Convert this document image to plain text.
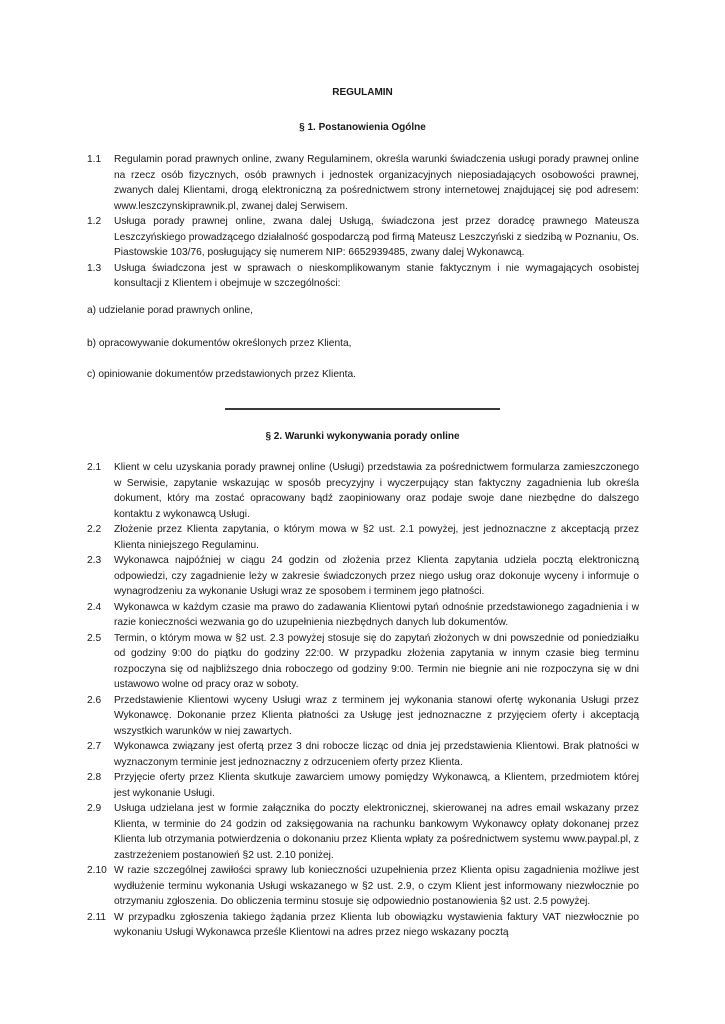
REGULAMIN
§ 1. Postanowienia Ogólne
1.1 Regulamin porad prawnych online, zwany Regulaminem, określa warunki świadczenia usługi porady prawnej online na rzecz osób fizycznych, osób prawnych i jednostek organizacyjnych nieposiadających osobowości prawnej, zwanych dalej Klientami, drogą elektroniczną za pośrednictwem strony internetowej znajdującej się pod adresem: www.leszczynskiprawnik.pl, zwanej dalej Serwisem.
1.2 Usługa porady prawnej online, zwana dalej Usługą, świadczona jest przez doradcę prawnego Mateusza Leszczyńskiego prowadzącego działalność gospodarczą pod firmą Mateusz Leszczyński z siedzibą w Poznaniu, Os. Piastowskie 103/76, posługujący się numerem NIP: 6652939485, zwany dalej Wykonawcą.
1.3 Usługa świadczona jest w sprawach o nieskomplikowanym stanie faktycznym i nie wymagających osobistej konsultacji z Klientem i obejmuje w szczególności:
a) udzielanie porad prawnych online,
b) opracowywanie dokumentów określonych przez Klienta,
c) opiniowanie dokumentów przedstawionych przez Klienta.
§ 2. Warunki wykonywania porady online
2.1 Klient w celu uzyskania porady prawnej online (Usługi) przedstawia za pośrednictwem formularza zamieszczonego w Serwisie, zapytanie wskazując w sposób precyzyjny i wyczerpujący stan faktyczny zagadnienia lub określa dokument, który ma zostać opracowany bądź zaopiniowany oraz podaje swoje dane niezbędne do dalszego kontaktu z wykonawcą Usługi.
2.2 Złożenie przez Klienta zapytania, o którym mowa w §2 ust. 2.1 powyżej, jest jednoznaczne z akceptacją przez Klienta niniejszego Regulaminu.
2.3 Wykonawca najpóźniej w ciągu 24 godzin od złożenia przez Klienta zapytania udziela pocztą elektroniczną odpowiedzi, czy zagadnienie leży w zakresie świadczonych przez niego usług oraz dokonuje wyceny i informuje o wynagrodzeniu za wykonanie Usługi wraz ze sposobem i terminem jego płatności.
2.4 Wykonawca w każdym czasie ma prawo do zadawania Klientowi pytań odnośnie przedstawionego zagadnienia i w razie konieczności wezwania go do uzupełnienia niezbędnych danych lub dokumentów.
2.5 Termin, o którym mowa w §2 ust. 2.3 powyżej stosuje się do zapytań złożonych w dni powszednie od poniedziałku od godziny 9:00 do piątku do godziny 22:00. W przypadku złożenia zapytania w innym czasie bieg terminu rozpoczyna się od najbliższego dnia roboczego od godziny 9:00. Termin nie biegnie ani nie rozpoczyna się w dni ustawowo wolne od pracy oraz w soboty.
2.6 Przedstawienie Klientowi wyceny Usługi wraz z terminem jej wykonania stanowi ofertę wykonania Usługi przez Wykonawcę. Dokonanie przez Klienta płatności za Usługę jest jednoznaczne z przyjęciem oferty i akceptacją wszystkich warunków w niej zawartych.
2.7 Wykonawca związany jest ofertą przez 3 dni robocze licząc od dnia jej przedstawienia Klientowi. Brak płatności w wyznaczonym terminie jest jednoznaczny z odrzuceniem oferty przez Klienta.
2.8 Przyjęcie oferty przez Klienta skutkuje zawarciem umowy pomiędzy Wykonawcą, a Klientem, przedmiotem której jest wykonanie Usługi.
2.9 Usługa udzielana jest w formie załącznika do poczty elektronicznej, skierowanej na adres email wskazany przez Klienta, w terminie do 24 godzin od zaksięgowania na rachunku bankowym Wykonawcy opłaty dokonanej przez Klienta lub otrzymania potwierdzenia o dokonaniu przez Klienta wpłaty za pośrednictwem systemu www.paypal.pl, z zastrzeżeniem postanowień §2 ust. 2.10 poniżej.
2.10 W razie szczególnej zawiłości sprawy lub konieczności uzupełnienia przez Klienta opisu zagadnienia możliwe jest wydłużenie terminu wykonania Usługi wskazanego w §2 ust. 2.9, o czym Klient jest informowany niezwłocznie po otrzymaniu zgłoszenia. Do obliczenia terminu stosuje się odpowiednio postanowienia §2 ust. 2.5 powyżej.
2.11 W przypadku zgłoszenia takiego żądania przez Klienta lub obowiązku wystawienia faktury VAT niezwłocznie po wykonaniu Usługi Wykonawca prześle Klientowi na adres przez niego wskazany pocztą
